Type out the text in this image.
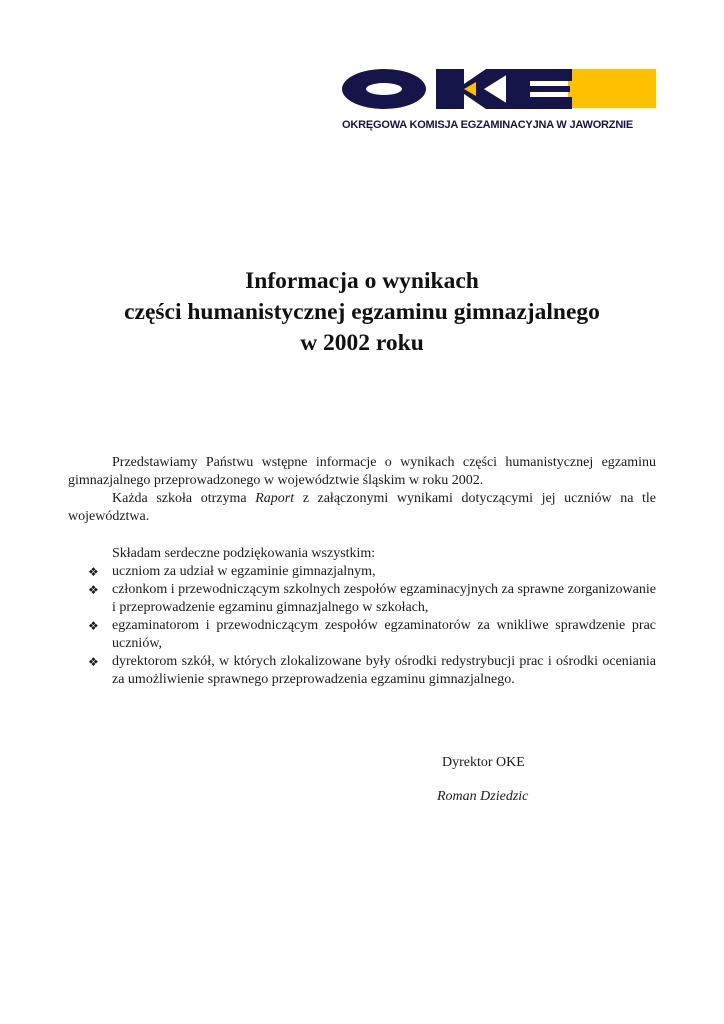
OKRĘGOWA KOMISJA EGZAMINACYJNA W JAWORZNIE
Informacja o wynikach
części humanistycznej egzaminu gimnazjalnego
w 2002 roku

Przedstawiamy Państwu wstępne informacje o wynikach części humanistycznej egzaminu gimnazjalnego przeprowadzonego w województwie śląskim w roku 2002.

Każda szkoła otrzyma Raport z załączonymi wynikami dotyczącymi jej uczniów na tle województwa.

Składam serdeczne podziękowania wszystkim:

❖ uczniom za udział w egzaminie gimnazjalnym,
❖ członkom i przewodniczącym szkolnych zespołów egzaminacyjnych za sprawne zorganizowanie i przeprowadzenie egzaminu gimnazjalnego w szkołach,
❖ egzaminatorom i przewodniczącym zespołów egzaminatorów za wnikliwe sprawdzenie prac uczniów,
❖ dyrektorom szkół, w których zlokalizowane były ośrodki redystrybucji prac i ośrodki oceniania za umożliwienie sprawnego przeprowadzenia egzaminu gimnazjalnego.
Dyrektor OKE
Roman Dziedzic
